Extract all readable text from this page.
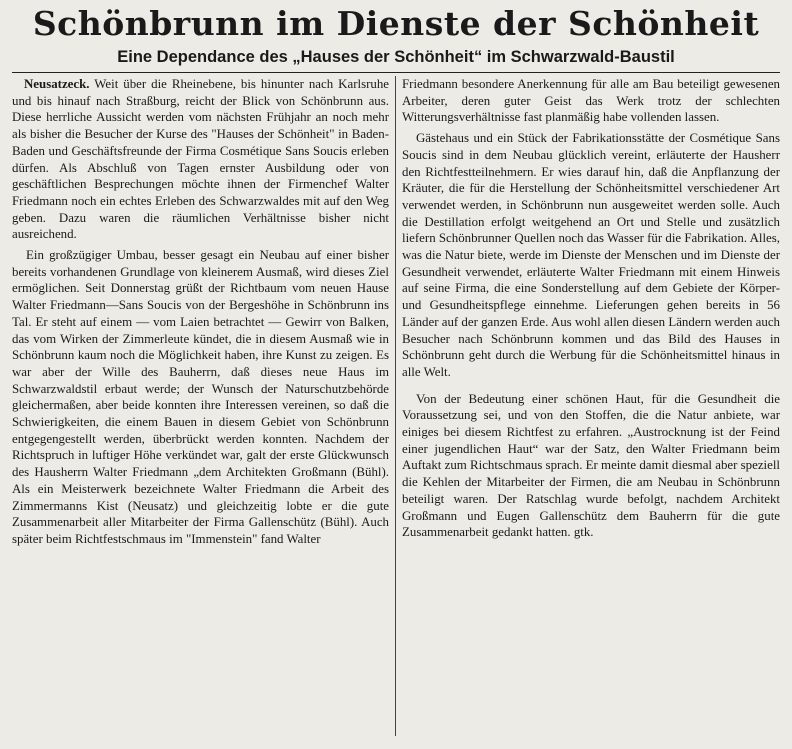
Schönbrunn im Dienste der Schönheit
Eine Dependance des „Hauses der Schönheit“ im Schwarzwald-Baustil

Neusatzeck. Weit über die Rheinebene, bis hinunter nach Karlsruhe und bis hinauf nach Straßburg, reicht der Blick von Schönbrunn aus. Diese herrliche Aussicht werden vom nächsten Frühjahr an noch mehr als bisher die Besucher der Kurse des "Hauses der Schönheit" in Baden-Baden und Geschäftsfreunde der Firma Cosmétique Sans Soucis erleben dürfen. Als Abschluß von Tagen ernster Ausbildung oder von geschäftlichen Besprechungen möchte ihnen der Firmenchef Walter Friedmann noch ein echtes Erleben des Schwarzwaldes mit auf den Weg geben. Dazu waren die räumlichen Verhältnisse bisher nicht ausreichend.

Ein großzügiger Umbau, besser gesagt ein Neubau auf einer bisher bereits vorhandenen Grundlage von kleinerem Ausmaß, wird dieses Ziel ermöglichen. Seit Donnerstag grüßt der Richtbaum vom neuen Hause Walter Friedmann—Sans Soucis von der Bergeshöhe in Schönbrunn ins Tal. Er steht auf einem — vom Laien betrachtet — Gewirr von Balken, das vom Wirken der Zimmerleute kündet, die in diesem Ausmaß wie in Schönbrunn kaum noch die Möglichkeit haben, ihre Kunst zu zeigen. Es war aber der Wille des Bauherrn, daß dieses neue Haus im Schwarzwaldstil erbaut werde; der Wunsch der Naturschutzbehörde gleichermaßen, aber beide konnten ihre Interessen vereinen, so daß die Schwierigkeiten, die einem Bauen in diesem Gebiet von Schönbrunn entgegengestellt werden, überbrückt werden konnten. Nachdem der Richtspruch in luftiger Höhe verkündet war, galt der erste Glückwunsch des Hausherrn Walter Friedmann „dem Architekten Großmann (Bühl). Als ein Meisterwerk bezeichnete Walter Friedmann die Arbeit des Zimmermanns Kist (Neusatz) und gleichzeitig lobte er die gute Zusammenarbeit aller Mitarbeiter der Firma Gallenschütz (Bühl). Auch später beim Richtfestschmaus im "Immenstein" fand Walter

Friedmann besondere Anerkennung für alle am Bau beteiligt gewesenen Arbeiter, deren guter Geist das Werk trotz der schlechten Witterungsverhältnisse fast planmäßig habe vollenden lassen.

Gästehaus und ein Stück der Fabrikationsstätte der Cosmétique Sans Soucis sind in dem Neubau glücklich vereint, erläuterte der Hausherr den Richtfestteilnehmern. Er wies darauf hin, daß die Anpflanzung der Kräuter, die für die Herstellung der Schönheitsmittel verschiedener Art verwendet werden, in Schönbrunn nun ausgeweitet werden solle. Auch die Destillation erfolgt weitgehend an Ort und Stelle und zusätzlich liefern Schönbrunner Quellen noch das Wasser für die Fabrikation. Alles, was die Natur biete, werde im Dienste der Menschen und im Dienste der Gesundheit verwendet, erläuterte Walter Friedmann mit einem Hinweis auf seine Firma, die eine Sonderstellung auf dem Gebiete der Körper- und Gesundheitspflege einnehme. Lieferungen gehen bereits in 56 Länder auf der ganzen Erde. Aus wohl allen diesen Ländern werden auch Besucher nach Schönbrunn kommen und das Bild des Hauses in Schönbrunn geht durch die Werbung für die Schönheitsmittel hinaus in alle Welt.

Von der Bedeutung einer schönen Haut, für die Gesundheit die Voraussetzung sei, und von den Stoffen, die die Natur anbiete, war einiges bei diesem Richtfest zu erfahren. „Austrocknung ist der Feind einer jugendlichen Haut“ war der Satz, den Walter Friedmann beim Auftakt zum Richtschmaus sprach. Er meinte damit diesmal aber speziell die Kehlen der Mitarbeiter der Firmen, die am Neubau in Schönbrunn beteiligt waren. Der Ratschlag wurde befolgt, nachdem Architekt Großmann und Eugen Gallenschütz dem Bauherrn für die gute Zusammenarbeit gedankt hatten. gtk.
